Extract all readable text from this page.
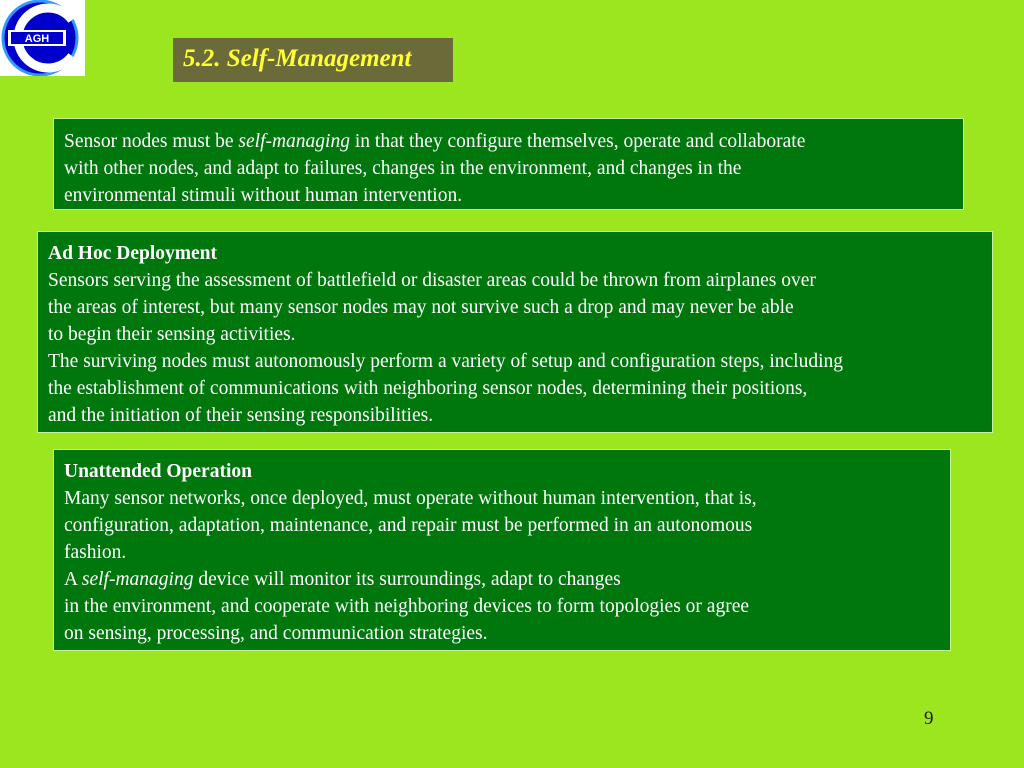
AGH
5.2. Self-Management
Sensor nodes must be self-managing in that they configure themselves, operate and collaborate
with other nodes, and adapt to failures, changes in the environment, and changes in the
environmental stimuli without human intervention.
Ad Hoc Deployment
Sensors serving the assessment of battlefield or disaster areas could be thrown from airplanes over
the areas of interest, but many sensor nodes may not survive such a drop and may never be able
to begin their sensing activities.
The surviving nodes must autonomously perform a variety of setup and configuration steps, including
the establishment of communications with neighboring sensor nodes, determining their positions,
and the initiation of their sensing responsibilities.
Unattended Operation
Many sensor networks, once deployed, must operate without human intervention, that is,
configuration, adaptation, maintenance, and repair must be performed in an autonomous
fashion.
A self-managing device will monitor its surroundings, adapt to changes
in the environment, and cooperate with neighboring devices to form topologies or agree
on sensing, processing, and communication strategies.
9
